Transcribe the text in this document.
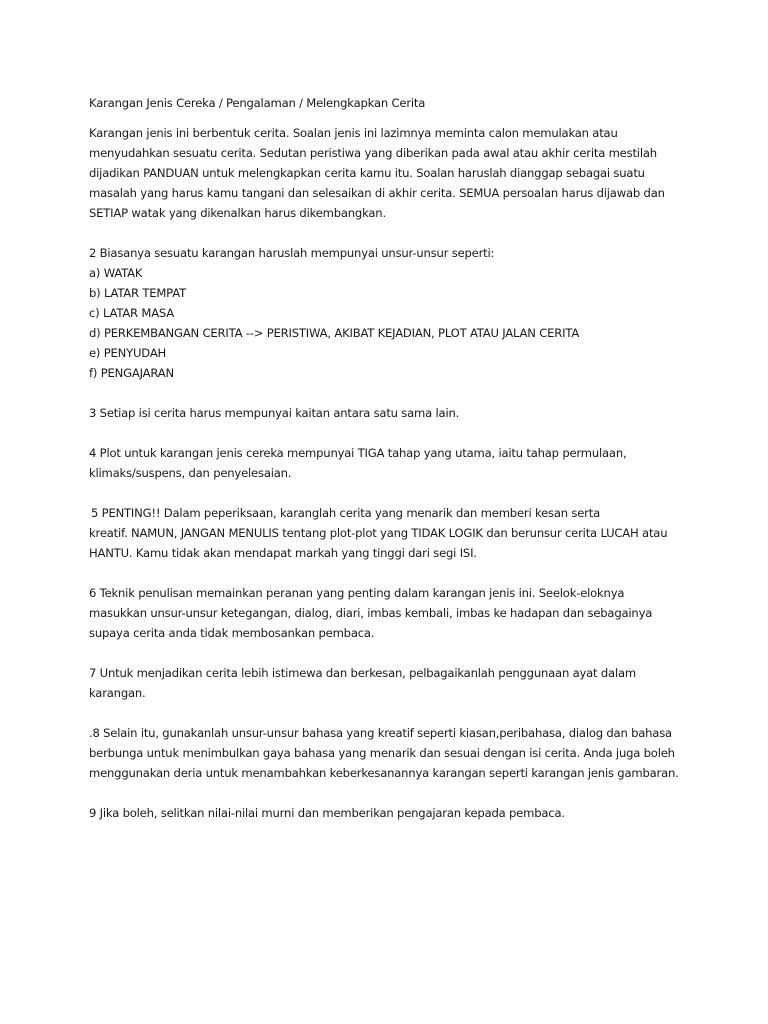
Karangan Jenis Cereka / Pengalaman / Melengkapkan Cerita
Karangan jenis ini berbentuk cerita. Soalan jenis ini lazimnya meminta calon memulakan atau
menyudahkan sesuatu cerita. Sedutan peristiwa yang diberikan pada awal atau akhir cerita mestilah
dijadikan PANDUAN untuk melengkapkan cerita kamu itu. Soalan haruslah dianggap sebagai suatu
masalah yang harus kamu tangani dan selesaikan di akhir cerita. SEMUA persoalan harus dijawab dan
SETIAP watak yang dikenalkan harus dikembangkan.
2 Biasanya sesuatu karangan haruslah mempunyai unsur-unsur seperti:
a) WATAK
b) LATAR TEMPAT
c) LATAR MASA
d) PERKEMBANGAN CERITA --> PERISTIWA, AKIBAT KEJADIAN, PLOT ATAU JALAN CERITA
e) PENYUDAH
f) PENGAJARAN
3 Setiap isi cerita harus mempunyai kaitan antara satu sama lain.
4 Plot untuk karangan jenis cereka mempunyai TIGA tahap yang utama, iaitu tahap permulaan,
klimaks/suspens, dan penyelesaian.
5 PENTING!! Dalam peperiksaan, karanglah cerita yang menarik dan memberi kesan serta
kreatif. NAMUN, JANGAN MENULIS tentang plot-plot yang TIDAK LOGIK dan berunsur cerita LUCAH atau
HANTU. Kamu tidak akan mendapat markah yang tinggi dari segi ISI.
6 Teknik penulisan memainkan peranan yang penting dalam karangan jenis ini. Seelok-eloknya
masukkan unsur-unsur ketegangan, dialog, diari, imbas kembali, imbas ke hadapan dan sebagainya
supaya cerita anda tidak membosankan pembaca.
7 Untuk menjadikan cerita lebih istimewa dan berkesan, pelbagaikanlah penggunaan ayat dalam
karangan.
.8 Selain itu, gunakanlah unsur-unsur bahasa yang kreatif seperti kiasan,peribahasa, dialog dan bahasa
berbunga untuk menimbulkan gaya bahasa yang menarik dan sesuai dengan isi cerita. Anda juga boleh
menggunakan deria untuk menambahkan keberkesanannya karangan seperti karangan jenis gambaran.
9 Jika boleh, selitkan nilai-nilai murni dan memberikan pengajaran kepada pembaca.
